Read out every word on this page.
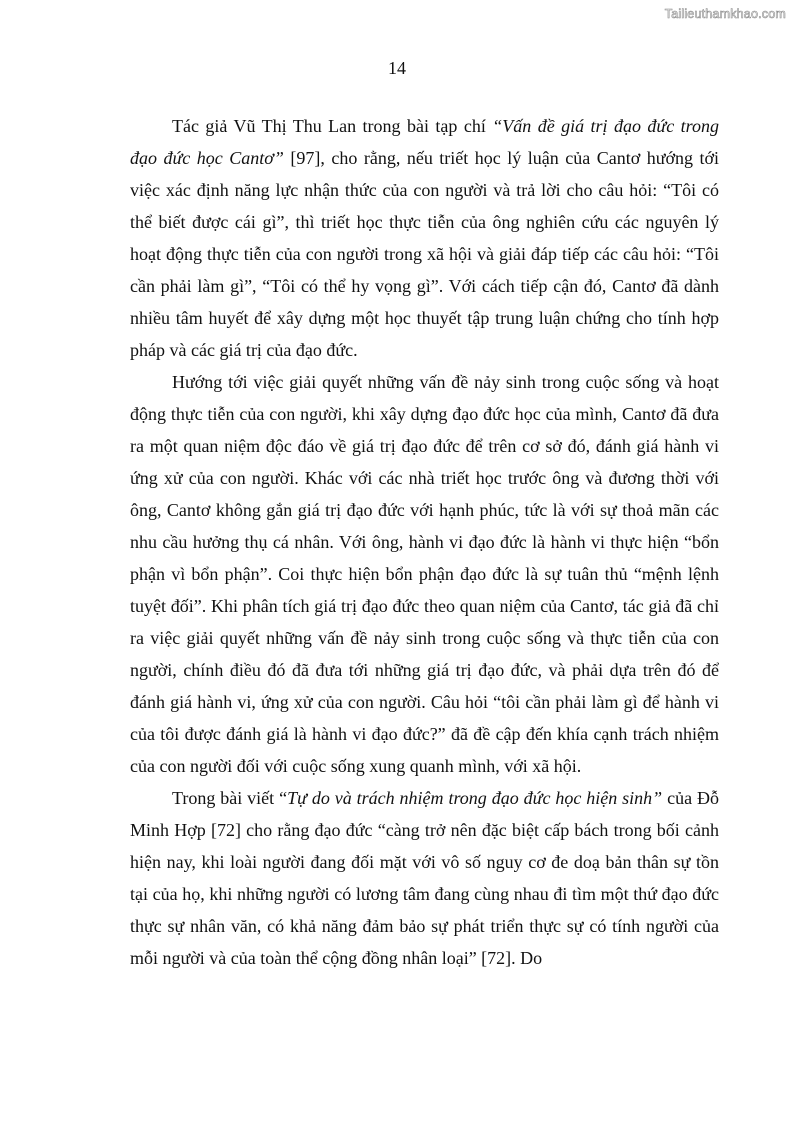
Tailieuthamkhao.com
14

Tác giả Vũ Thị Thu Lan trong bài tạp chí “Vấn đề giá trị đạo đức trong đạo đức học Cantơ” [97], cho rằng, nếu triết học lý luận của Cantơ hướng tới việc xác định năng lực nhận thức của con người và trả lời cho câu hỏi: “Tôi có thể biết được cái gì”, thì triết học thực tiễn của ông nghiên cứu các nguyên lý hoạt động thực tiễn của con người trong xã hội và giải đáp tiếp các câu hỏi: “Tôi cần phải làm gì”, “Tôi có thể hy vọng gì”. Với cách tiếp cận đó, Cantơ đã dành nhiều tâm huyết để xây dựng một học thuyết tập trung luận chứng cho tính hợp pháp và các giá trị của đạo đức.

Hướng tới việc giải quyết những vấn đề nảy sinh trong cuộc sống và hoạt động thực tiễn của con người, khi xây dựng đạo đức học của mình, Cantơ đã đưa ra một quan niệm độc đáo về giá trị đạo đức để trên cơ sở đó, đánh giá hành vi ứng xử của con người. Khác với các nhà triết học trước ông và đương thời với ông, Cantơ không gắn giá trị đạo đức với hạnh phúc, tức là với sự thoả mãn các nhu cầu hưởng thụ cá nhân. Với ông, hành vi đạo đức là hành vi thực hiện “bổn phận vì bổn phận”. Coi thực hiện bổn phận đạo đức là sự tuân thủ “mệnh lệnh tuyệt đối”. Khi phân tích giá trị đạo đức theo quan niệm của Cantơ, tác giả đã chỉ ra việc giải quyết những vấn đề nảy sinh trong cuộc sống và thực tiễn của con người, chính điều đó đã đưa tới những giá trị đạo đức, và phải dựa trên đó để đánh giá hành vi, ứng xử của con người. Câu hỏi “tôi cần phải làm gì để hành vi của tôi được đánh giá là hành vi đạo đức?” đã đề cập đến khía cạnh trách nhiệm của con người đối với cuộc sống xung quanh mình, với xã hội.

Trong bài viết “Tự do và trách nhiệm trong đạo đức học hiện sinh” của Đỗ Minh Hợp [72] cho rằng đạo đức “càng trở nên đặc biệt cấp bách trong bối cảnh hiện nay, khi loài người đang đối mặt với vô số nguy cơ đe doạ bản thân sự tồn tại của họ, khi những người có lương tâm đang cùng nhau đi tìm một thứ đạo đức thực sự nhân văn, có khả năng đảm bảo sự phát triển thực sự có tính người của mỗi người và của toàn thể cộng đồng nhân loại” [72]. Do
